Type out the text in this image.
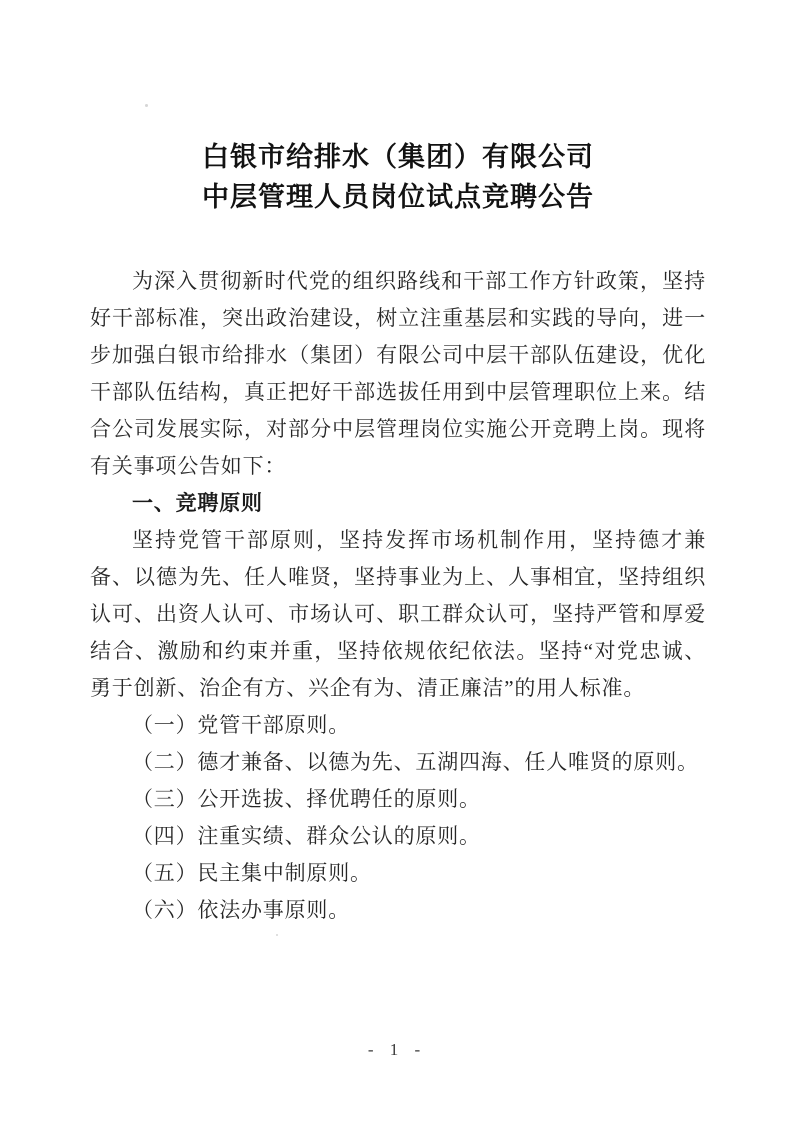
白银市给排水（集团）有限公司
中层管理人员岗位试点竞聘公告

为深入贯彻新时代党的组织路线和干部工作方针政策，坚持好干部标准，突出政治建设，树立注重基层和实践的导向，进一步加强白银市给排水（集团）有限公司中层干部队伍建设，优化干部队伍结构，真正把好干部选拔任用到中层管理职位上来。结合公司发展实际，对部分中层管理岗位实施公开竞聘上岗。现将有关事项公告如下：

一、竞聘原则

坚持党管干部原则，坚持发挥市场机制作用，坚持德才兼备、以德为先、任人唯贤，坚持事业为上、人事相宜，坚持组织认可、出资人认可、市场认可、职工群众认可，坚持严管和厚爱结合、激励和约束并重，坚持依规依纪依法。坚持“对党忠诚、勇于创新、治企有方、兴企有为、清正廉洁”的用人标准。

（一）党管干部原则。

（二）德才兼备、以德为先、五湖四海、任人唯贤的原则。

（三）公开选拔、择优聘任的原则。

（四）注重实绩、群众公认的原则。

（五）民主集中制原则。

（六）依法办事原则。

- 1 -
